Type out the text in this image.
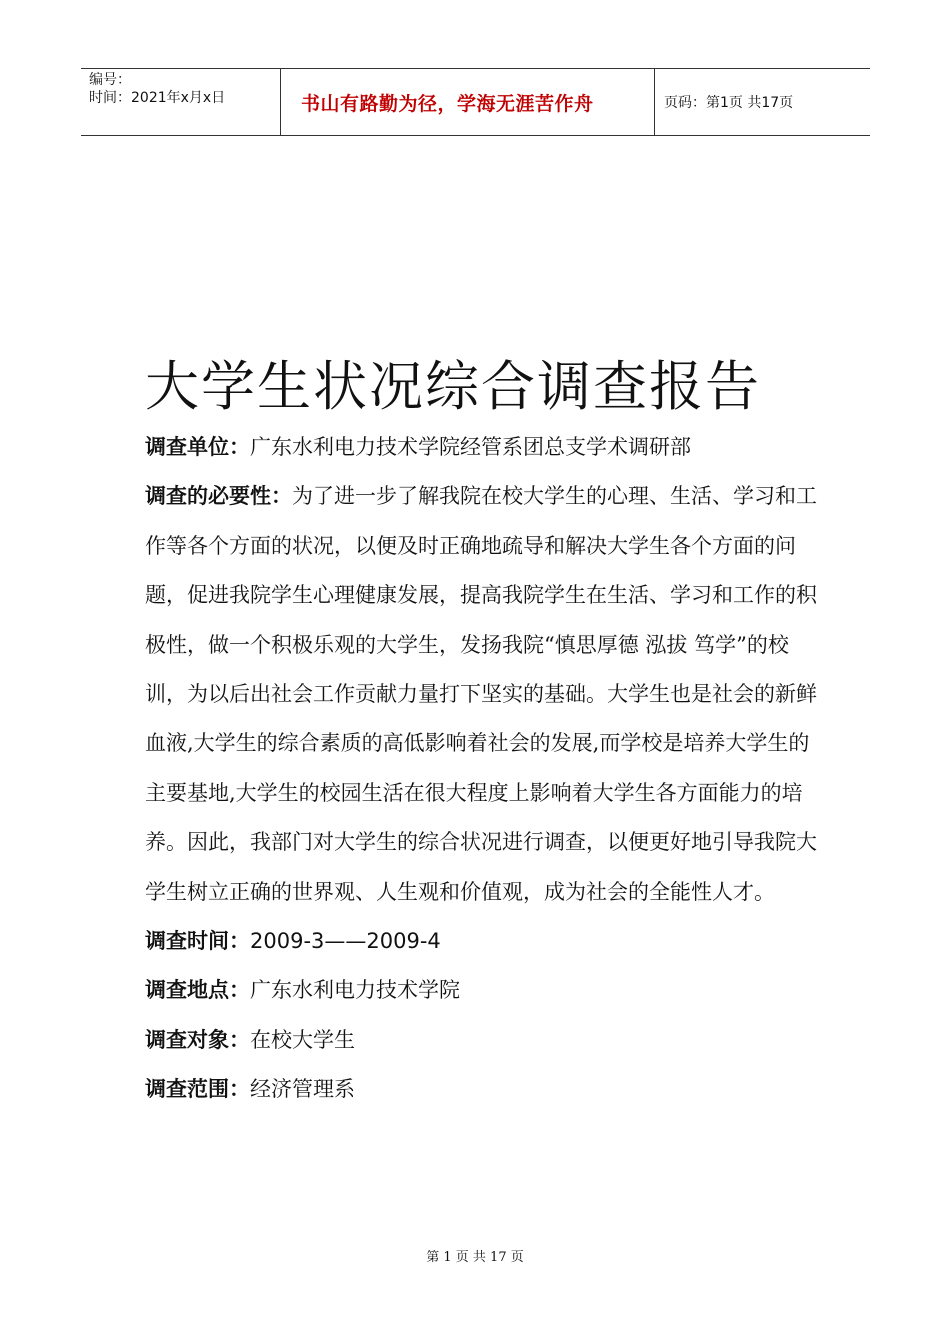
编号：
时间：2021年x月x日	书山有路勤为径，学海无涯苦作舟	页码：第1页 共17页
大学生状况综合调查报告

调查单位：广东水利电力技术学院经管系团总支学术调研部

调查的必要性：为了进一步了解我院在校大学生的心理、生活、学习和工作等各个方面的状况，以便及时正确地疏导和解决大学生各个方面的问题，促进我院学生心理健康发展，提高我院学生在生活、学习和工作的积极性，做一个积极乐观的大学生，发扬我院“慎思厚德 泓拔 笃学”的校训，为以后出社会工作贡献力量打下坚实的基础。大学生也是社会的新鲜血液,大学生的综合素质的高低影响着社会的发展,而学校是培养大学生的主要基地,大学生的校园生活在很大程度上影响着大学生各方面能力的培养。因此，我部门对大学生的综合状况进行调查，以便更好地引导我院大学生树立正确的世界观、人生观和价值观，成为社会的全能性人才。

调查时间：2009-3——2009-4

调查地点：广东水利电力技术学院

调查对象：在校大学生

调查范围：经济管理系

第 1 页 共 17 页
